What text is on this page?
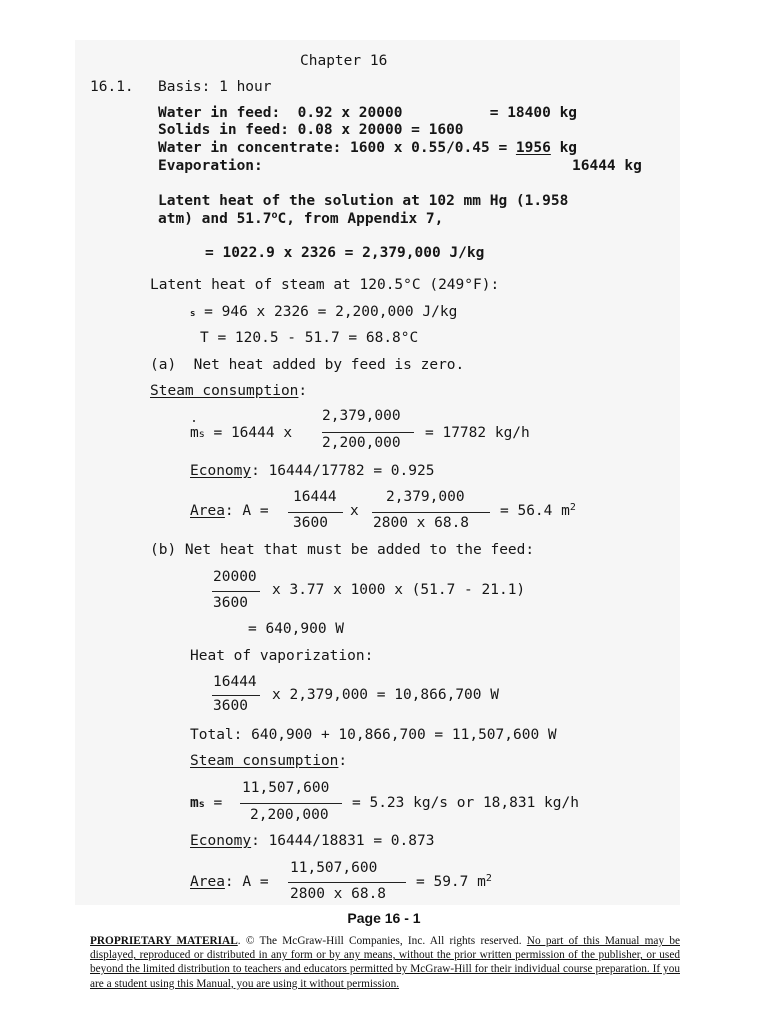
Chapter 16
16.1. Basis: 1 hour
Water in feed:  0.92 x 20000          = 18400 kg
Solids in feed: 0.08 x 20000 = 1600
Water in concentrate: 1600 x 0.55/0.45 = 1956 kg
Evaporation:	16444 kg
Latent heat of the solution at 102 mm Hg (1.958
atm) and 51.7$^o$C, from Appendix 7,
= 1022.9 x 2326 = 2,379,000 J/kg
Latent heat of steam at 120.5°C (249°F):
s = 946 x 2326 = 2,200,000 J/kg
T = 120.5 - 51.7 = 68.8°C
(a)  Net heat added by feed is zero.
Steam consumption:
ms = 16444 x
2,379,000
2,200,000
= 17782 kg/h
Economy: 16444/17782 = 0.925
Area: A =
16444
3600
x
2,379,000
2800 x 68.8
= 56.4 $m^2$
(b) Net heat that must be added to the feed:
20000
3600
x 3.77 x 1000 x (51.7 - 21.1)
= 640,900 W
Heat of vaporization:
16444
3600
x 2,379,000 = 10,866,700 W
Total: 640,900 + 10,866,700 = 11,507,600 W
Steam consumption:
11,507,600
ms =
2,200,000
= 5.23 kg/s or 18,831 kg/h
Economy: 16444/18831 = 0.873
11,507,600
Area: A =
2800 x 68.8
= 59.7 $m^2$
Page 16 - 1
PROPRIETARY MATERIAL. © The McGraw-Hill Companies, Inc. All rights reserved. No part of this Manual may be displayed, reproduced or distributed in any form or by any means, without the prior written permission of the publisher, or used beyond the limited distribution to teachers and educators permitted by McGraw-Hill for their individual course preparation. If you are a student using this Manual, you are using it without permission.
